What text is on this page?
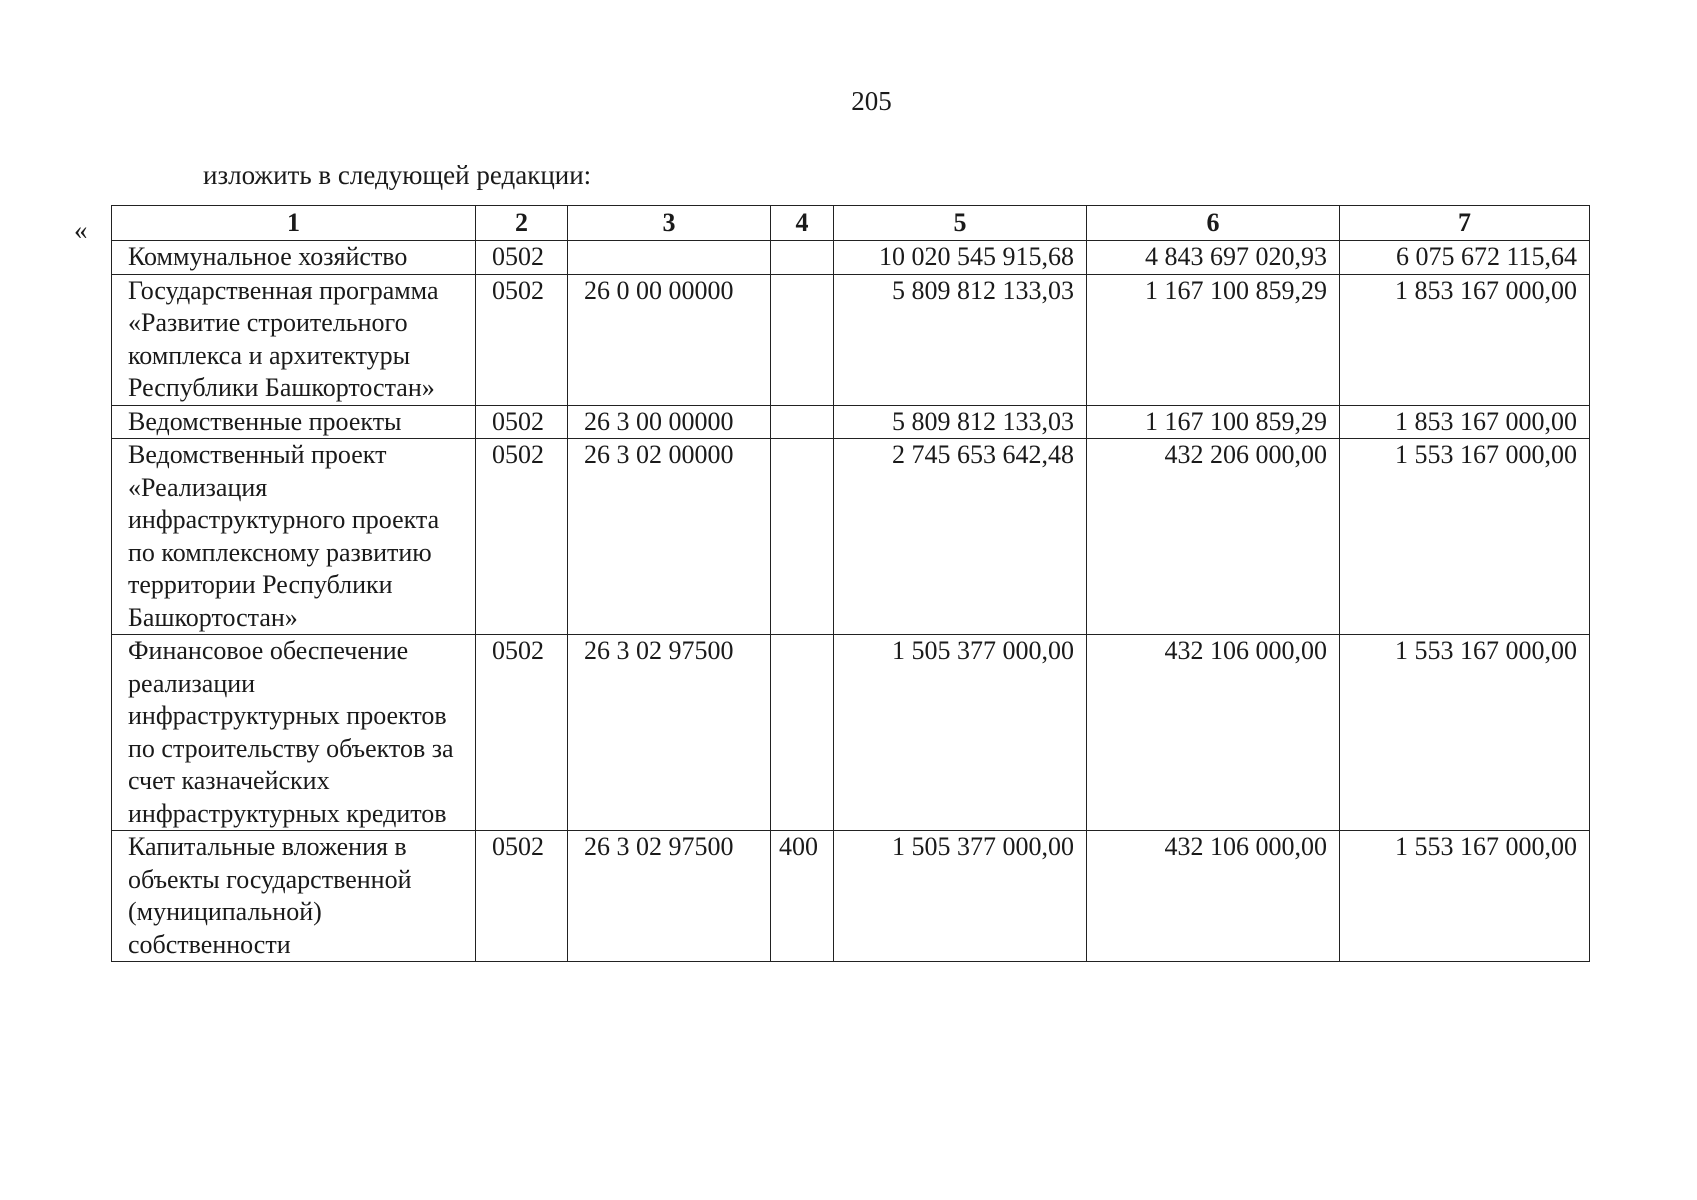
205
изложить в следующей редакции:
«	1	2	3	4	5	6	7
Коммунальное хозяйство	0502			10 020 545 915,68	4 843 697 020,93	6 075 672 115,64
Государственная программа «Развитие строительного комплекса и архитектуры Республики Башкортостан»	0502	26 0 00 00000		5 809 812 133,03	1 167 100 859,29	1 853 167 000,00
Ведомственные проекты	0502	26 3 00 00000		5 809 812 133,03	1 167 100 859,29	1 853 167 000,00
Ведомственный проект «Реализация инфраструктурного проекта по комплексному развитию территории Республики Башкортостан»	0502	26 3 02 00000		2 745 653 642,48	432 206 000,00	1 553 167 000,00
Финансовое обеспечение реализации инфраструктурных проектов по строительству объектов за счет казначейских инфраструктурных кредитов	0502	26 3 02 97500		1 505 377 000,00	432 106 000,00	1 553 167 000,00
Капитальные вложения в объекты государственной (муниципальной) собственности	0502	26 3 02 97500	400	1 505 377 000,00	432 106 000,00	1 553 167 000,00
